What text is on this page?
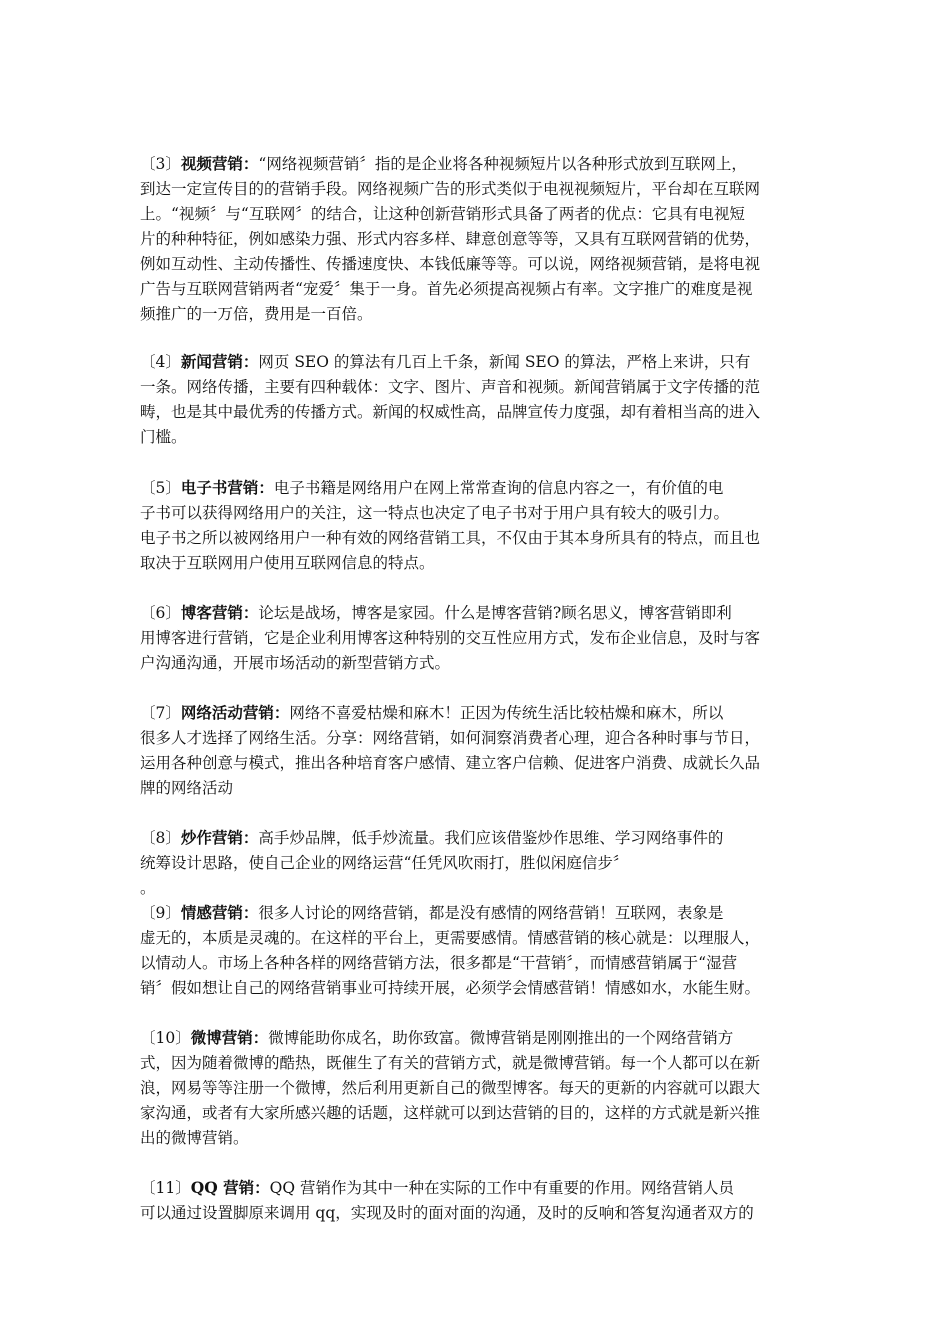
〔3〕视频营销：“网络视频营销〞指的是企业将各种视频短片以各种形式放到互联网上，
到达一定宣传目的的营销手段。网络视频广告的形式类似于电视视频短片，平台却在互联网
上。“视频〞与“互联网〞的结合，让这种创新营销形式具备了两者的优点：它具有电视短
片的种种特征，例如感染力强、形式内容多样、肆意创意等等，又具有互联网营销的优势，
例如互动性、主动传播性、传播速度快、本钱低廉等等。可以说，网络视频营销，是将电视
广告与互联网营销两者“宠爱〞集于一身。首先必须提高视频占有率。文字推广的难度是视
频推广的一万倍，费用是一百倍。
〔4〕新闻营销：网页 SEO 的算法有几百上千条，新闻 SEO 的算法，严格上来讲，只有
一条。网络传播，主要有四种载体：文字、图片、声音和视频。新闻营销属于文字传播的范
畴，也是其中最优秀的传播方式。新闻的权威性高，品牌宣传力度强，却有着相当高的进入
门槛。
〔5〕电子书营销：电子书籍是网络用户在网上常常查询的信息内容之一，有价值的电
子书可以获得网络用户的关注，这一特点也决定了电子书对于用户具有较大的吸引力。
电子书之所以被网络用户一种有效的网络营销工具，不仅由于其本身所具有的特点，而且也
取决于互联网用户使用互联网信息的特点。
〔6〕博客营销：论坛是战场，博客是家园。什么是博客营销?顾名思义，博客营销即利
用博客进行营销，它是企业利用博客这种特别的交互性应用方式，发布企业信息，及时与客
户沟通沟通，开展市场活动的新型营销方式。
〔7〕网络活动营销：网络不喜爱枯燥和麻木！正因为传统生活比较枯燥和麻木，所以
很多人才选择了网络生活。分享：网络营销，如何洞察消费者心理，迎合各种时事与节日，
运用各种创意与模式，推出各种培育客户感情、建立客户信赖、促进客户消费、成就长久品
牌的网络活动
〔8〕炒作营销：高手炒品牌，低手炒流量。我们应该借鉴炒作思维、学习网络事件的
统筹设计思路，使自己企业的网络运营“任凭风吹雨打，胜似闲庭信步〞
。
〔9〕情感营销：很多人讨论的网络营销，都是没有感情的网络营销！互联网，表象是
虚无的，本质是灵魂的。在这样的平台上，更需要感情。情感营销的核心就是：以理服人，
以情动人。市场上各种各样的网络营销方法，很多都是“干营销〞，而情感营销属于“湿营
销〞假如想让自己的网络营销事业可持续开展，必须学会情感营销！情感如水，水能生财。
〔10〕微博营销：微博能助你成名，助你致富。微博营销是刚刚推出的一个网络营销方
式，因为随着微博的酷热，既催生了有关的营销方式，就是微博营销。每一个人都可以在新
浪，网易等等注册一个微博，然后利用更新自己的微型博客。每天的更新的内容就可以跟大
家沟通，或者有大家所感兴趣的话题，这样就可以到达营销的目的，这样的方式就是新兴推
出的微博营销。
〔11〕QQ 营销：QQ 营销作为其中一种在实际的工作中有重要的作用。网络营销人员
可以通过设置脚原来调用 qq，实现及时的面对面的沟通，及时的反响和答复沟通者双方的
